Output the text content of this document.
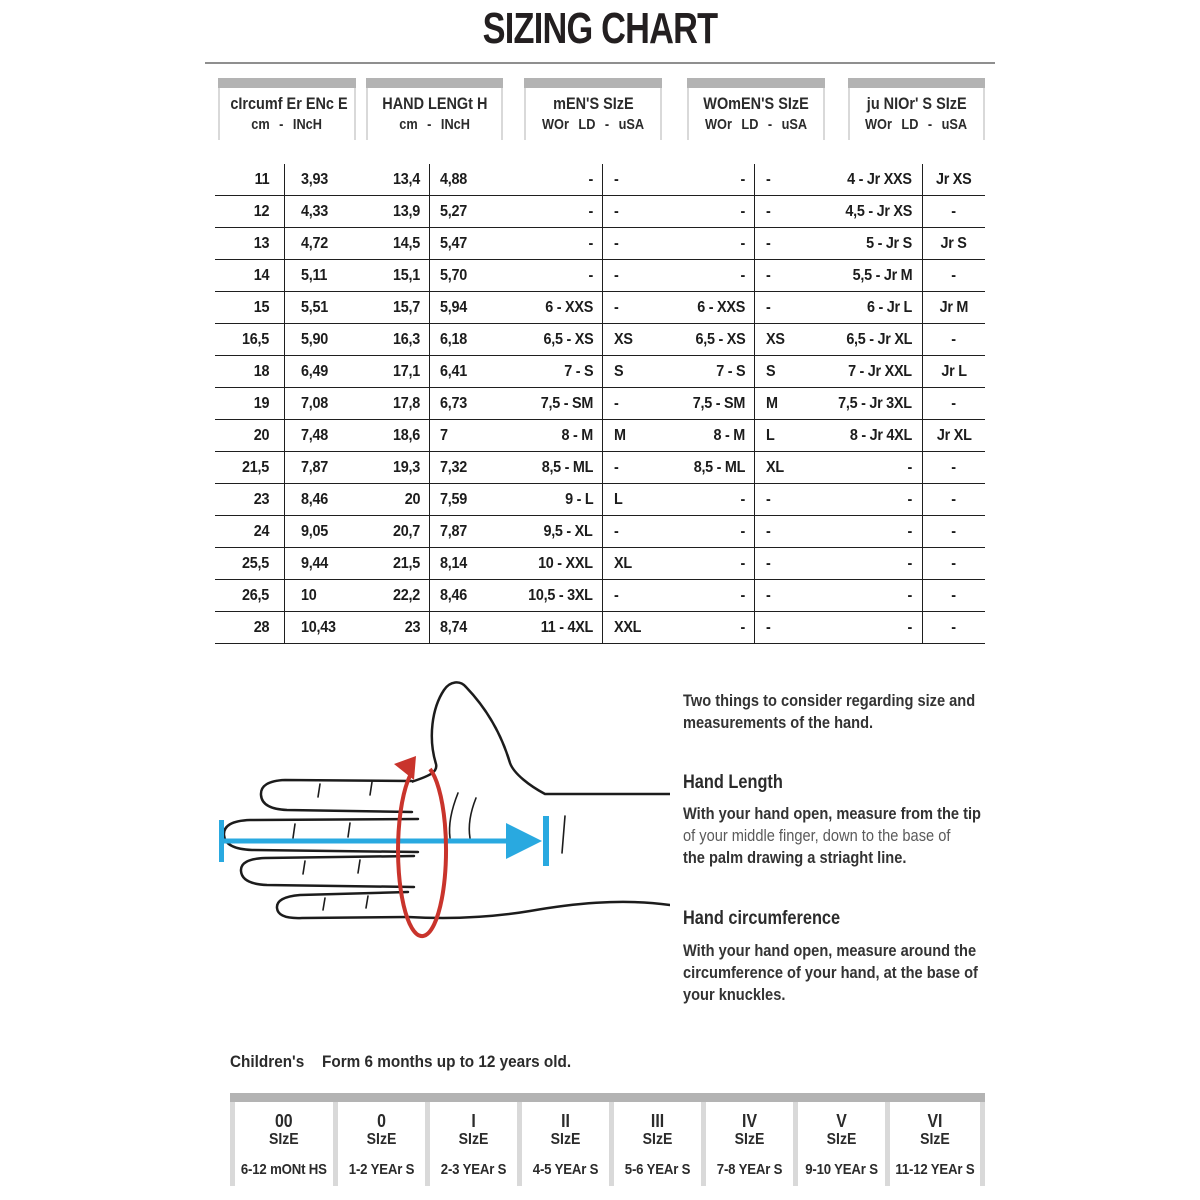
SIZING CHART
cIrcumf Er ENc E
cm - INcH
HAND LENGt H
cm - INcH
mEN'S SIzE
WOr LD - uSA
WOmEN'S SIzE
WOr LD - uSA
ju NIOr' S SIzE
WOr LD - uSA
11	3,93	13,4	4,88	-	-	-	-	4 - Jr XXS	Jr XS
12	4,33	13,9	5,27	-	-	-	-	4,5 - Jr XS	-
13	4,72	14,5	5,47	-	-	-	-	5 - Jr S	Jr S
14	5,11	15,1	5,70	-	-	-	-	5,5 - Jr M	-
15	5,51	15,7	5,94	6 - XXS	-	6 - XXS	-	6 - Jr L	Jr M
16,5	5,90	16,3	6,18	6,5 - XS	XS	6,5 - XS	XS	6,5 - Jr XL	-
18	6,49	17,1	6,41	7 - S	S	7 - S	S	7 - Jr XXL	Jr L
19	7,08	17,8	6,73	7,5 - SM	-	7,5 - SM	M	7,5 - Jr 3XL	-
20	7,48	18,6	7	8 - M	M	8 - M	L	8 - Jr 4XL	Jr XL
21,5	7,87	19,3	7,32	8,5 - ML	-	8,5 - ML	XL	-	-
23	8,46	20	7,59	9 - L	L	-	-	-	-
24	9,05	20,7	7,87	9,5 - XL	-	-	-	-	-
25,5	9,44	21,5	8,14	10 - XXL	XL	-	-	-	-
26,5	10	22,2	8,46	10,5 - 3XL	-	-	-	-	-
28	10,43	23	8,74	11 - 4XL	XXL	-	-	-	-
Two things to consider regarding size and
measurements of the hand.
Hand Length
With your hand open, measure from the tip
of your middle finger, down to the base of
the palm drawing a striaght line.
Hand circumference
With your hand open, measure around the
circumference of your hand, at the base of
your knuckles.
Children's Form 6 months up to 12 years old.
00
SIzE
6-12 mONt HS
0
SIzE
1-2 YEAr S
I
SIzE
2-3 YEAr S
II
SIzE
4-5 YEAr S
III
SIzE
5-6 YEAr S
IV
SIzE
7-8 YEAr S
V
SIzE
9-10 YEAr S
VI
SIzE
11-12 YEAr S
